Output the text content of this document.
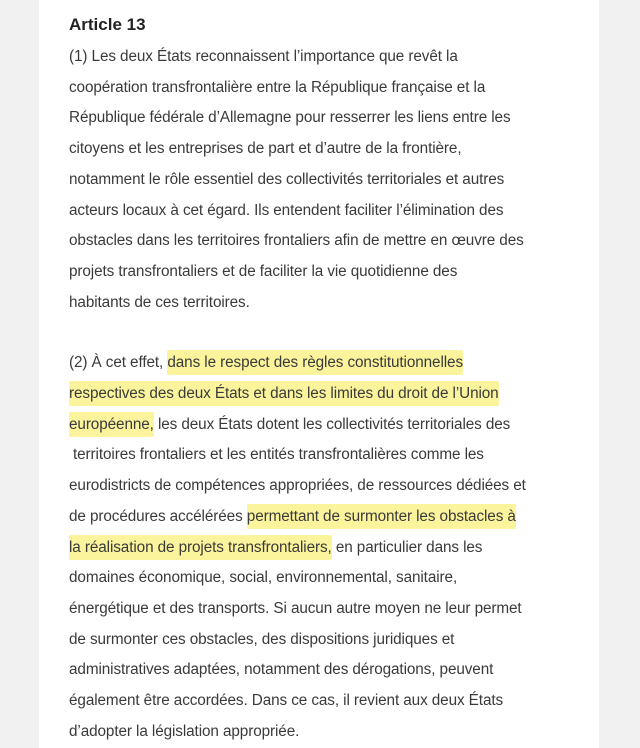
Article 13

(1) Les deux États reconnaissent l’importance que revêt la

coopération transfrontalière entre la République française et la

République fédérale d’Allemagne pour resserrer les liens entre les

citoyens et les entreprises de part et d’autre de la frontière,

notamment le rôle essentiel des collectivités territoriales et autres

acteurs locaux à cet égard. Ils entendent faciliter l’élimination des

obstacles dans les territoires frontaliers afin de mettre en œuvre des

projets transfrontaliers et de faciliter la vie quotidienne des

habitants de ces territoires.

(2) À cet effet, dans le respect des règles constitutionnelles

respectives des deux États et dans les limites du droit de l’Union

européenne, les deux États dotent les collectivités territoriales des

territoires frontaliers et les entités transfrontalières comme les

eurodistricts de compétences appropriées, de ressources dédiées et

de procédures accélérées permettant de surmonter les obstacles à

la réalisation de projets transfrontaliers, en particulier dans les

domaines économique, social, environnemental, sanitaire,

énergétique et des transports. Si aucun autre moyen ne leur permet

de surmonter ces obstacles, des dispositions juridiques et

administratives adaptées, notamment des dérogations, peuvent

également être accordées. Dans ce cas, il revient aux deux États

d’adopter la législation appropriée.
